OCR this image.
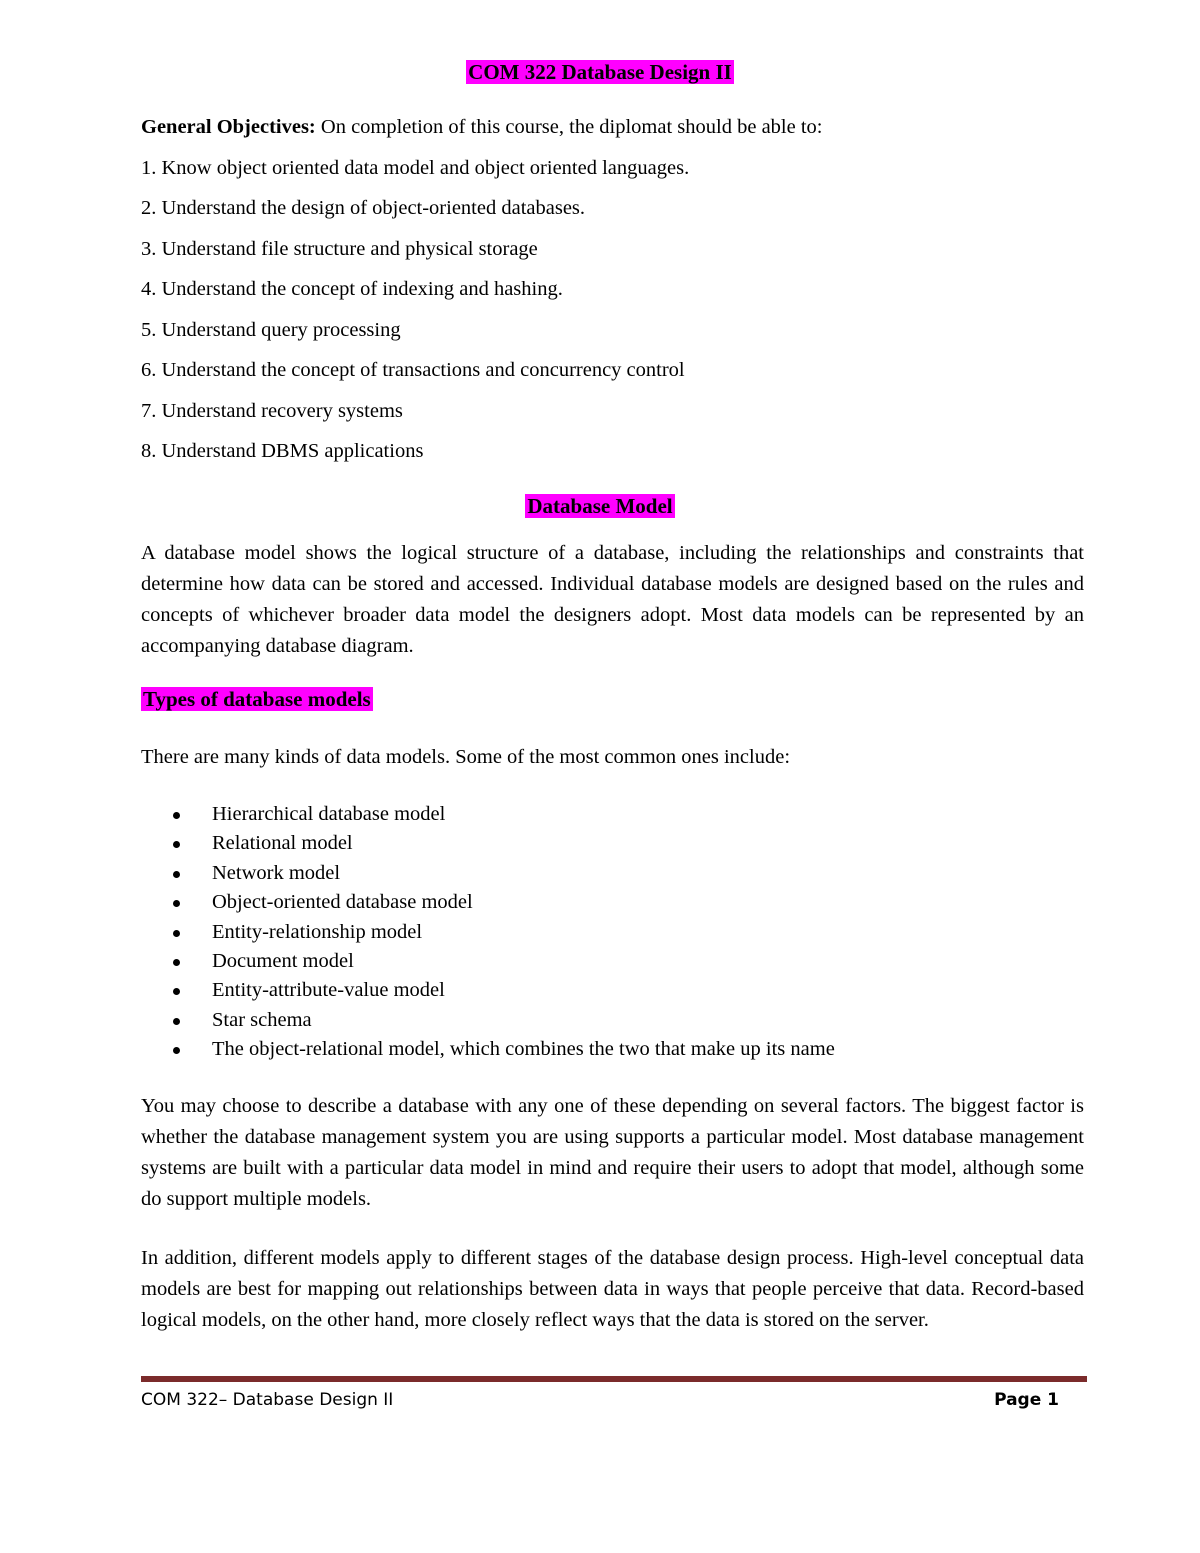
COM 322 Database Design II

General Objectives: On completion of this course, the diplomat should be able to:

1. Know object oriented data model and object oriented languages.

2. Understand the design of object-oriented databases.

3. Understand file structure and physical storage

4. Understand the concept of indexing and hashing.

5. Understand query processing

6. Understand the concept of transactions and concurrency control

7. Understand recovery systems

8. Understand DBMS applications

Database Model

A database model shows the logical structure of a database, including the relationships and constraints that determine how data can be stored and accessed. Individual database models are designed based on the rules and concepts of whichever broader data model the designers adopt. Most data models can be represented by an accompanying database diagram.

Types of database models

There are many kinds of data models. Some of the most common ones include:

Hierarchical database model
Relational model
Network model
Object-oriented database model
Entity-relationship model
Document model
Entity-attribute-value model
Star schema
The object-relational model, which combines the two that make up its name

You may choose to describe a database with any one of these depending on several factors. The biggest factor is whether the database management system you are using supports a particular model. Most database management systems are built with a particular data model in mind and require their users to adopt that model, although some do support multiple models.

In addition, different models apply to different stages of the database design process. High-level conceptual data models are best for mapping out relationships between data in ways that people perceive that data. Record-based logical models, on the other hand, more closely reflect ways that the data is stored on the server.

COM 322– Database Design II	Page 1
